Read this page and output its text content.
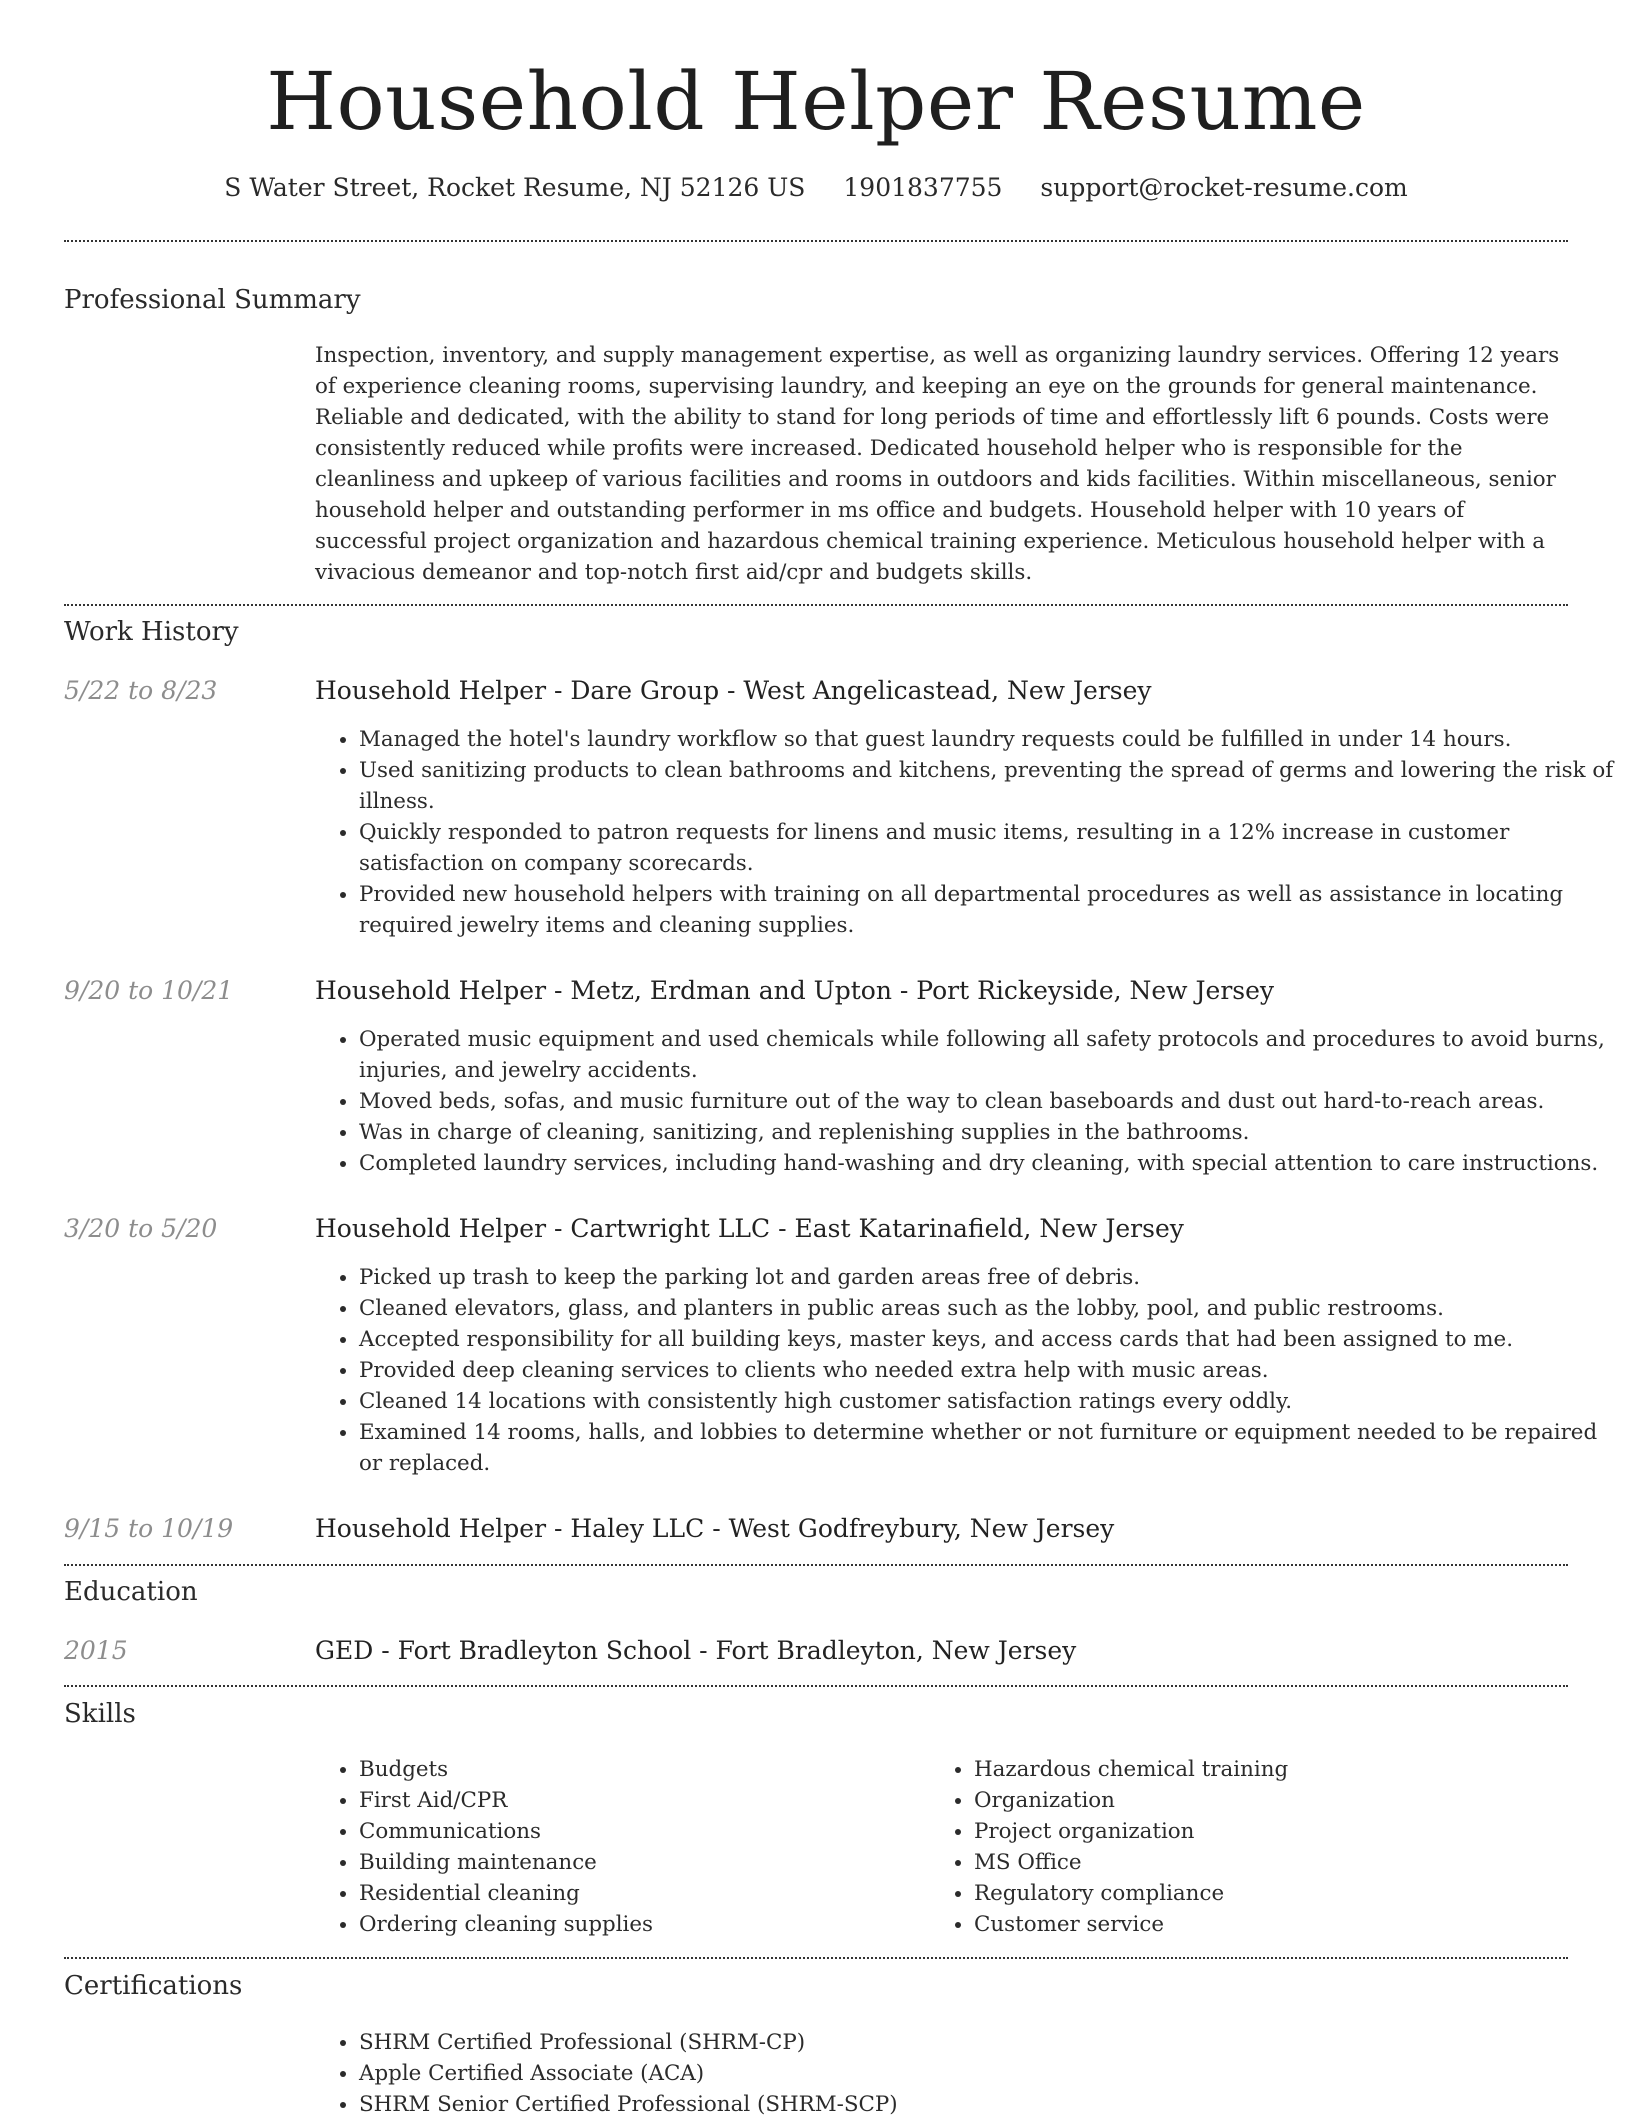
Household Helper Resume
S Water Street, Rocket Resume, NJ 52126 US 1901837755 support@rocket-resume.com
Professional Summary

Inspection, inventory, and supply management expertise, as well as organizing laundry services. Offering 12 years of experience cleaning rooms, supervising laundry, and keeping an eye on the grounds for general maintenance. Reliable and dedicated, with the ability to stand for long periods of time and effortlessly lift 6 pounds. Costs were consistently reduced while profits were increased. Dedicated household helper who is responsible for the cleanliness and upkeep of various facilities and rooms in outdoors and kids facilities. Within miscellaneous, senior household helper and outstanding performer in ms office and budgets. Household helper with 10 years of successful project organization and hazardous chemical training experience. Meticulous household helper with a vivacious demeanor and top-notch first aid/cpr and budgets skills.

Work History
5/22 to 8/23	Household Helper - Dare Group - West Angelicastead, New Jersey
• Managed the hotel's laundry workflow so that guest laundry requests could be fulfilled in under 14 hours.
• Used sanitizing products to clean bathrooms and kitchens, preventing the spread of germs and lowering the risk of illness.
• Quickly responded to patron requests for linens and music items, resulting in a 12% increase in customer satisfaction on company scorecards.
• Provided new household helpers with training on all departmental procedures as well as assistance in locating required jewelry items and cleaning supplies.
9/20 to 10/21	Household Helper - Metz, Erdman and Upton - Port Rickeyside, New Jersey
• Operated music equipment and used chemicals while following all safety protocols and procedures to avoid burns, injuries, and jewelry accidents.
• Moved beds, sofas, and music furniture out of the way to clean baseboards and dust out hard-to-reach areas.
• Was in charge of cleaning, sanitizing, and replenishing supplies in the bathrooms.
• Completed laundry services, including hand-washing and dry cleaning, with special attention to care instructions.
3/20 to 5/20	Household Helper - Cartwright LLC - East Katarinafield, New Jersey
• Picked up trash to keep the parking lot and garden areas free of debris.
• Cleaned elevators, glass, and planters in public areas such as the lobby, pool, and public restrooms.
• Accepted responsibility for all building keys, master keys, and access cards that had been assigned to me.
• Provided deep cleaning services to clients who needed extra help with music areas.
• Cleaned 14 locations with consistently high customer satisfaction ratings every oddly.
• Examined 14 rooms, halls, and lobbies to determine whether or not furniture or equipment needed to be repaired or replaced.
9/15 to 10/19	Household Helper - Haley LLC - West Godfreybury, New Jersey
Education
2015	GED - Fort Bradleyton School - Fort Bradleyton, New Jersey
Skills
• Budgets
• First Aid/CPR
• Communications
• Building maintenance
• Residential cleaning
• Ordering cleaning supplies
• Hazardous chemical training
• Organization
• Project organization
• MS Office
• Regulatory compliance
• Customer service
Certifications
• SHRM Certified Professional (SHRM-CP)
• Apple Certified Associate (ACA)
• SHRM Senior Certified Professional (SHRM-SCP)
